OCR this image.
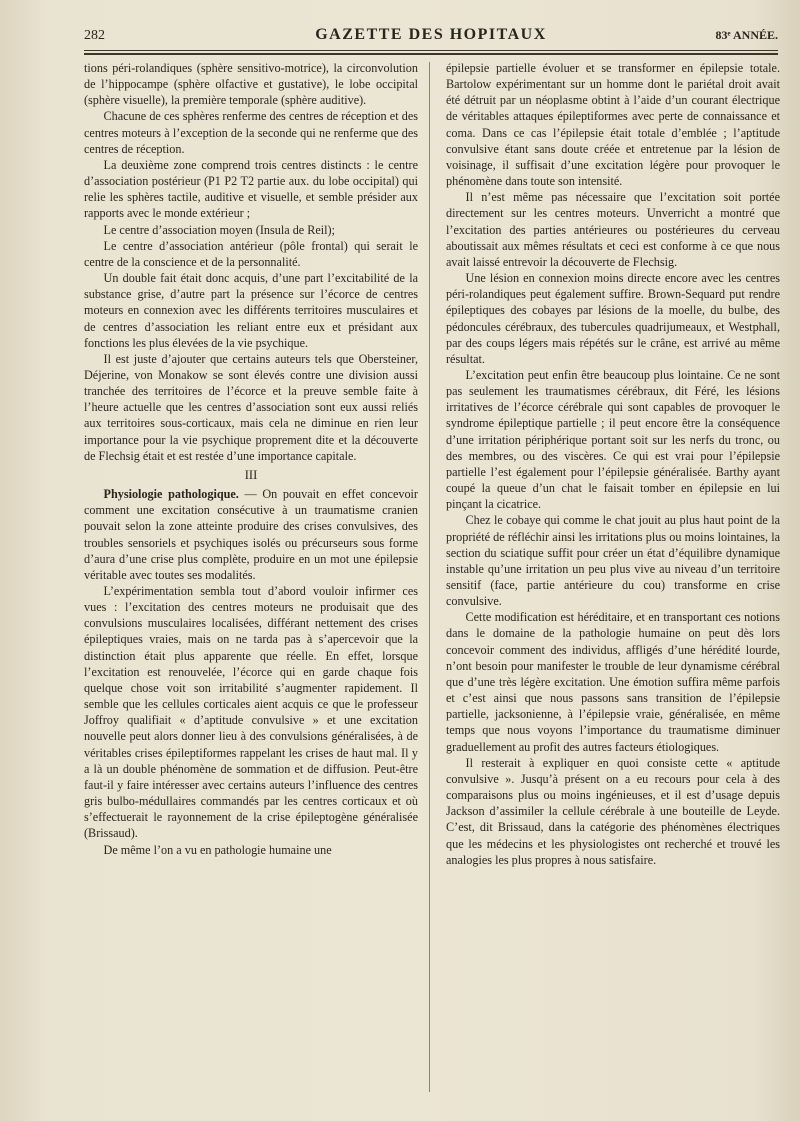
282	GAZETTE DES HOPITAUX	83ᵉ ANNÉE.

tions péri-rolandiques (sphère sensitivo-motrice), la circonvolution de l’hippocampe (sphère olfactive et gustative), le lobe occipital (sphère visuelle), la première temporale (sphère auditive).

Chacune de ces sphères renferme des centres de réception et des centres moteurs à l’exception de la seconde qui ne renferme que des centres de réception.

La deuxième zone comprend trois centres distincts : le centre d’association postérieur (P1 P2 T2 partie aux. du lobe occipital) qui relie les sphères tactile, auditive et visuelle, et semble présider aux rapports avec le monde extérieur ;

Le centre d’association moyen (Insula de Reil);

Le centre d’association antérieur (pôle frontal) qui serait le centre de la conscience et de la personnalité.

Un double fait était donc acquis, d’une part l’excitabilité de la substance grise, d’autre part la présence sur l’écorce de centres moteurs en connexion avec les différents territoires musculaires et de centres d’association les reliant entre eux et présidant aux fonctions les plus élevées de la vie psychique.

Il est juste d’ajouter que certains auteurs tels que Obersteiner, Déjerine, von Monakow se sont élevés contre une division aussi tranchée des territoires de l’écorce et la preuve semble faite à l’heure actuelle que les centres d’association sont eux aussi reliés aux territoires sous-corticaux, mais cela ne diminue en rien leur importance pour la vie psychique proprement dite et la découverte de Flechsig était et est restée d’une importance capitale.

III

Physiologie pathologique. — On pouvait en effet concevoir comment une excitation consécutive à un traumatisme cranien pouvait selon la zone atteinte produire des crises convulsives, des troubles sensoriels et psychiques isolés ou précurseurs sous forme d’aura d’une crise plus complète, produire en un mot une épilepsie véritable avec toutes ses modalités.

L’expérimentation sembla tout d’abord vouloir infirmer ces vues : l’excitation des centres moteurs ne produisait que des convulsions musculaires localisées, différant nettement des crises épileptiques vraies, mais on ne tarda pas à s’apercevoir que la distinction était plus apparente que réelle. En effet, lorsque l’excitation est renouvelée, l’écorce qui en garde chaque fois quelque chose voit son irritabilité s’augmenter rapidement. Il semble que les cellules corticales aient acquis ce que le professeur Joffroy qualifiait « d’aptitude convulsive » et une excitation nouvelle peut alors donner lieu à des convulsions généralisées, à de véritables crises épileptiformes rappelant les crises de haut mal. Il y a là un double phénomène de sommation et de diffusion. Peut-être faut-il y faire intéresser avec certains auteurs l’influence des centres gris bulbo-médullaires commandés par les centres corticaux et où s’effectuerait le rayonnement de la crise épileptogène généralisée (Brissaud).

De même l’on a vu en pathologie humaine une

épilepsie partielle évoluer et se transformer en épilepsie totale. Bartolow expérimentant sur un homme dont le pariétal droit avait été détruit par un néoplasme obtint à l’aide d’un courant électrique de véritables attaques épileptiformes avec perte de connaissance et coma. Dans ce cas l’épilepsie était totale d’emblée ; l’aptitude convulsive étant sans doute créée et entretenue par la lésion de voisinage, il suffisait d’une excitation légère pour provoquer le phénomène dans toute son intensité.

Il n’est même pas nécessaire que l’excitation soit portée directement sur les centres moteurs. Unverricht a montré que l’excitation des parties antérieures ou postérieures du cerveau aboutissait aux mêmes résultats et ceci est conforme à ce que nous avait laissé entrevoir la découverte de Flechsig.

Une lésion en connexion moins directe encore avec les centres péri-rolandiques peut également suffire. Brown-Sequard put rendre épileptiques des cobayes par lésions de la moelle, du bulbe, des pédoncules cérébraux, des tubercules quadrijumeaux, et Westphall, par des coups légers mais répétés sur le crâne, est arrivé au même résultat.

L’excitation peut enfin être beaucoup plus lointaine. Ce ne sont pas seulement les traumatismes cérébraux, dit Féré, les lésions irritatives de l’écorce cérébrale qui sont capables de provoquer le syndrome épileptique partielle ; il peut encore être la conséquence d’une irritation périphérique portant soit sur les nerfs du tronc, ou des membres, ou des viscères. Ce qui est vrai pour l’épilepsie partielle l’est également pour l’épilepsie généralisée. Barthy ayant coupé la queue d’un chat le faisait tomber en épilepsie en lui pinçant la cicatrice.

Chez le cobaye qui comme le chat jouit au plus haut point de la propriété de réfléchir ainsi les irritations plus ou moins lointaines, la section du sciatique suffit pour créer un état d’équilibre dynamique instable qu’une irritation un peu plus vive au niveau d’un territoire sensitif (face, partie antérieure du cou) transforme en crise convulsive.

Cette modification est héréditaire, et en transportant ces notions dans le domaine de la pathologie humaine on peut dès lors concevoir comment des individus, affligés d’une hérédité lourde, n’ont besoin pour manifester le trouble de leur dynamisme cérébral que d’une très légère excitation. Une émotion suffira même parfois et c’est ainsi que nous passons sans transition de l’épilepsie partielle, jacksonienne, à l’épilepsie vraie, généralisée, en même temps que nous voyons l’importance du traumatisme diminuer graduellement au profit des autres facteurs étiologiques.

Il resterait à expliquer en quoi consiste cette « aptitude convulsive ». Jusqu’à présent on a eu recours pour cela à des comparaisons plus ou moins ingénieuses, et il est d’usage depuis Jackson d’assimiler la cellule cérébrale à une bouteille de Leyde. C’est, dit Brissaud, dans la catégorie des phénomènes électriques que les médecins et les physiologistes ont recherché et trouvé les analogies les plus propres à nous satisfaire.
